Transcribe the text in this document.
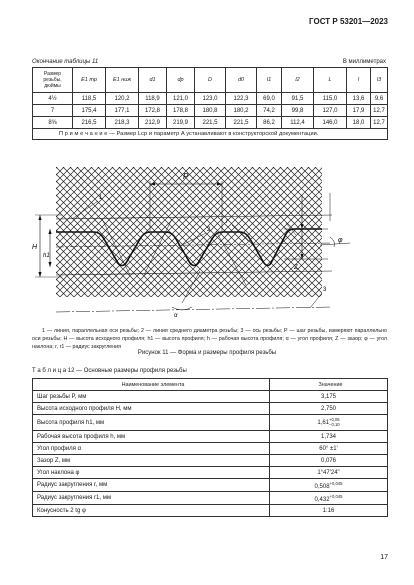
ГОСТ Р 53201—2023
Окончание таблицы 11	В миллиметрах
Размер
резьбы,
дюймы	E1 тр	E1 ниж	d1	dp	D	d0	l1	l2	L	l	l3
4½	118,5	120,2	118,9	121,0	123,0	122,3	69,0	91,5	115,0	13,6	9,6
7	175,4	177,1	172,8	178,8	180,8	180,2	74,2	99,8	127,0	17,9	12,7
8⅝	216,5	218,3	212,9	219,9	221,5	221,5	86,2	112,4	146,0	18,0	12,7
П р и м е ч а н и е — Размер Lср и параметр A устанавливают в конструкторской документации.											
P
H
h1
φ
Z
r
α
1
2
3
1 — линия, параллельная оси резьбы; 2 — линия среднего диаметра резьбы; 3 — ось резьбы; P — шаг резьбы, измеряют параллельно оси резьбы; H — высота исходного профиля; h1 — высота профиля; h — рабочая высота профиля; α — угол профиля; Z — зазор; φ — угол наклона; r, r1 — радиус закругления
Рисунок 11 — Форма и размеры профиля резьбы
Т а б л и ц а 12 — Основные размеры профиля резьбы
Наименование элемента	Значение
Шаг резьбы P, мм	3,175
Высота исходного профиля H, мм	2,750
Высота профиля h1, мм	1,61
+0,05
−0,10

Рабочая высота профиля h, мм	1,734
Угол профиля α	60° ±1'
Зазор Z, мм	0,076
Угол наклона φ	1°47'24"
Радиус закругления r, мм	$0,508^{+0,045}$
Радиус закругления r1, мм	$0,432^{+0,045}$
Конусность 2 tg φ	1:16
17
